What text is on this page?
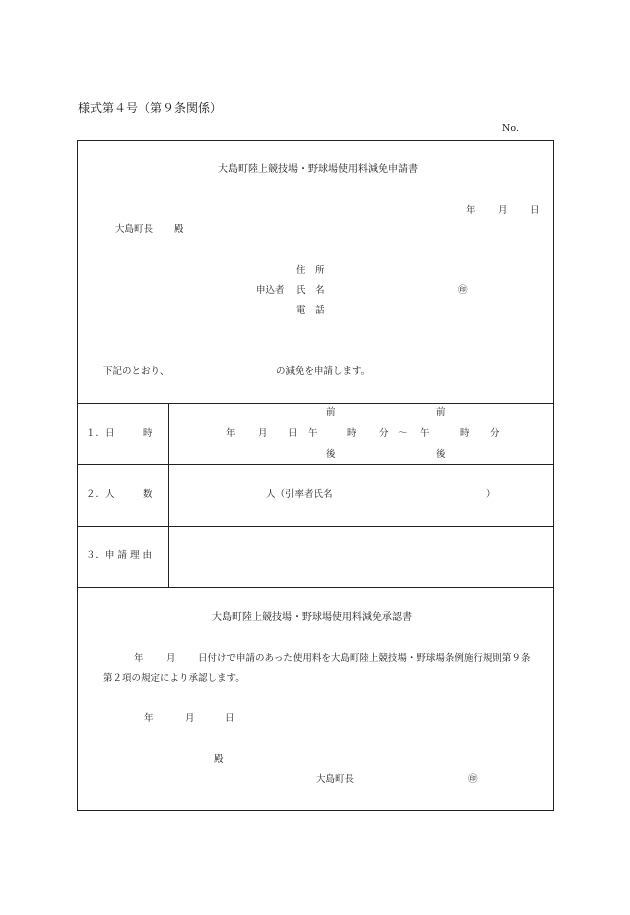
様式第４号（第９条関係）
No.
大島町陸上競技場・野球場使用料減免申請書
年 月 日
大島町長 殿
住　所
申込者 氏　名	㊞
電　話
下記のとおり、	の減免を申請します。
１．日　　　時
前	前
年 月 日 午	時 分 ～ 午	時 分
後	後
２．人　　　数	人（引率者氏名	）
３．申 請 理 由
大島町陸上競技場・野球場使用料減免承認書
年 月 日付けで申請のあった使用料を大島町陸上競技場・野球場条例施行規則第９条
第２項の規定により承認します。
年	月	日
殿
大島町長	㊞
